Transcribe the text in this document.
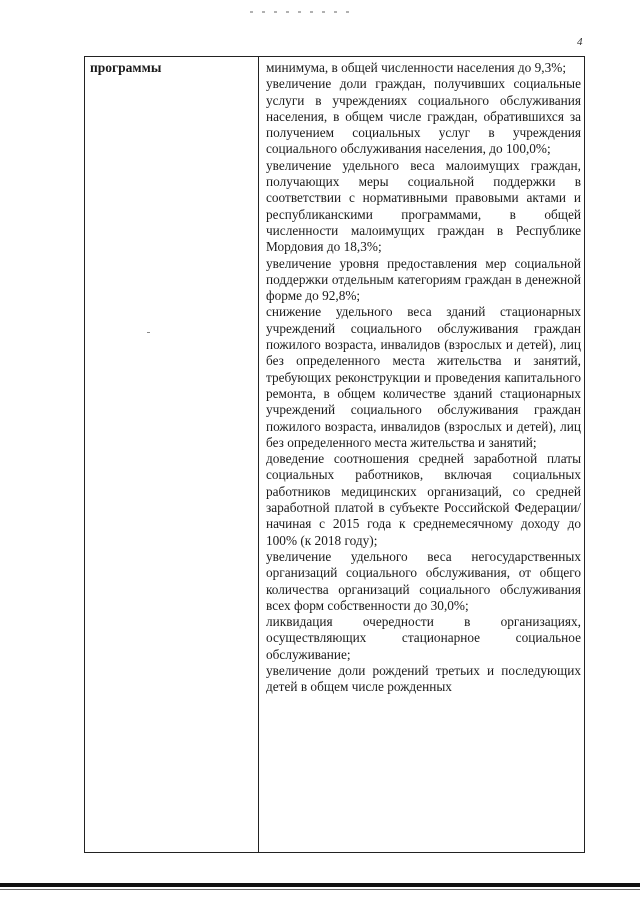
4
программы	минимума, в общей численности населения до 9,3%;
увеличение доли граждан, получивших социальные услуги в учреждениях социального обслуживания населения, в общем числе граждан, обратившихся за получением социальных услуг в учреждения социального обслуживания населения, до 100,0%;
увеличение удельного веса малоимущих граждан, получающих меры социальной поддержки в соответствии с нормативными правовыми актами и республиканскими программами, в общей численности малоимущих граждан в Республике Мордовия до 18,3%;
увеличение уровня предоставления мер социальной поддержки отдельным категориям граждан в денежной форме до 92,8%;
снижение удельного веса зданий стационарных учреждений социального обслуживания граждан пожилого возраста, инвалидов (взрослых и детей), лиц без определенного места жительства и занятий, требующих реконструкции и проведения капитального ремонта, в общем количестве зданий стационарных учреждений социального обслуживания граждан пожилого возраста, инвалидов (взрослых и детей), лиц без определенного места жительства и занятий;
доведение соотношения средней заработной платы социальных работников, включая социальных работников медицинских организаций, со средней заработной платой в субъекте Российской Федерации/начиная с 2015 года к среднемесячному доходу до 100% (к 2018 году);
увеличение удельного веса негосударственных организаций социального обслуживания, от общего количества организаций социального обслуживания всех форм собственности до 30,0%;
ликвидация очередности в организациях, осуществляющих стационарное социальное обслуживание;
увеличение доли рождений третьих и последующих детей в общем числе рожденных
